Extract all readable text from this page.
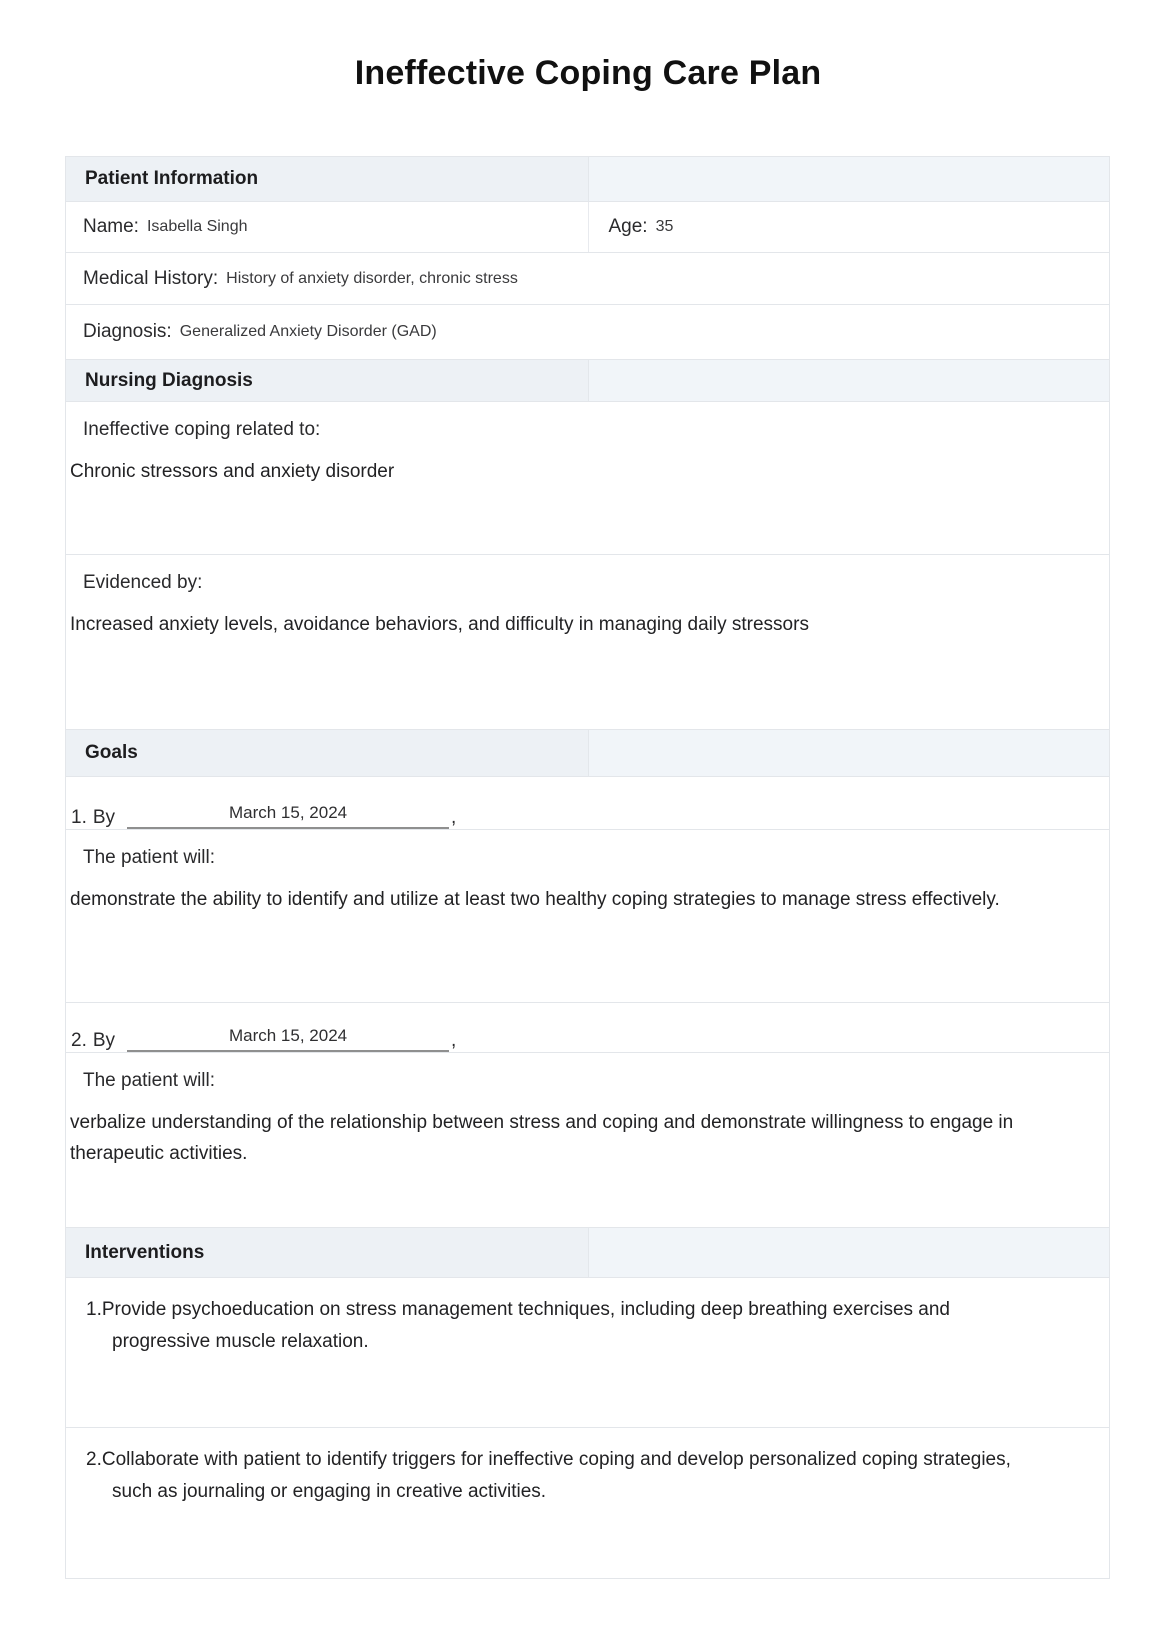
Ineffective Coping Care Plan
Patient Information
Name: Isabella Singh	Age: 35
Medical History: History of anxiety disorder, chronic stress
Diagnosis: Generalized Anxiety Disorder (GAD)
Nursing Diagnosis
Ineffective coping related to:
Chronic stressors and anxiety disorder
Evidenced by:
Increased anxiety levels, avoidance behaviors, and difficulty in managing daily stressors
Goals
1. By	March 15, 2024	,
The patient will:
demonstrate the ability to identify and utilize at least two healthy coping strategies to manage stress effectively.
2. By	March 15, 2024	,
The patient will:
verbalize understanding of the relationship between stress and coping and demonstrate willingness to engage in therapeutic activities.
Interventions

1.Provide psychoeducation on stress management techniques, including deep breathing exercises and progressive muscle relaxation.

2.Collaborate with patient to identify triggers for ineffective coping and develop personalized coping strategies, such as journaling or engaging in creative activities.
